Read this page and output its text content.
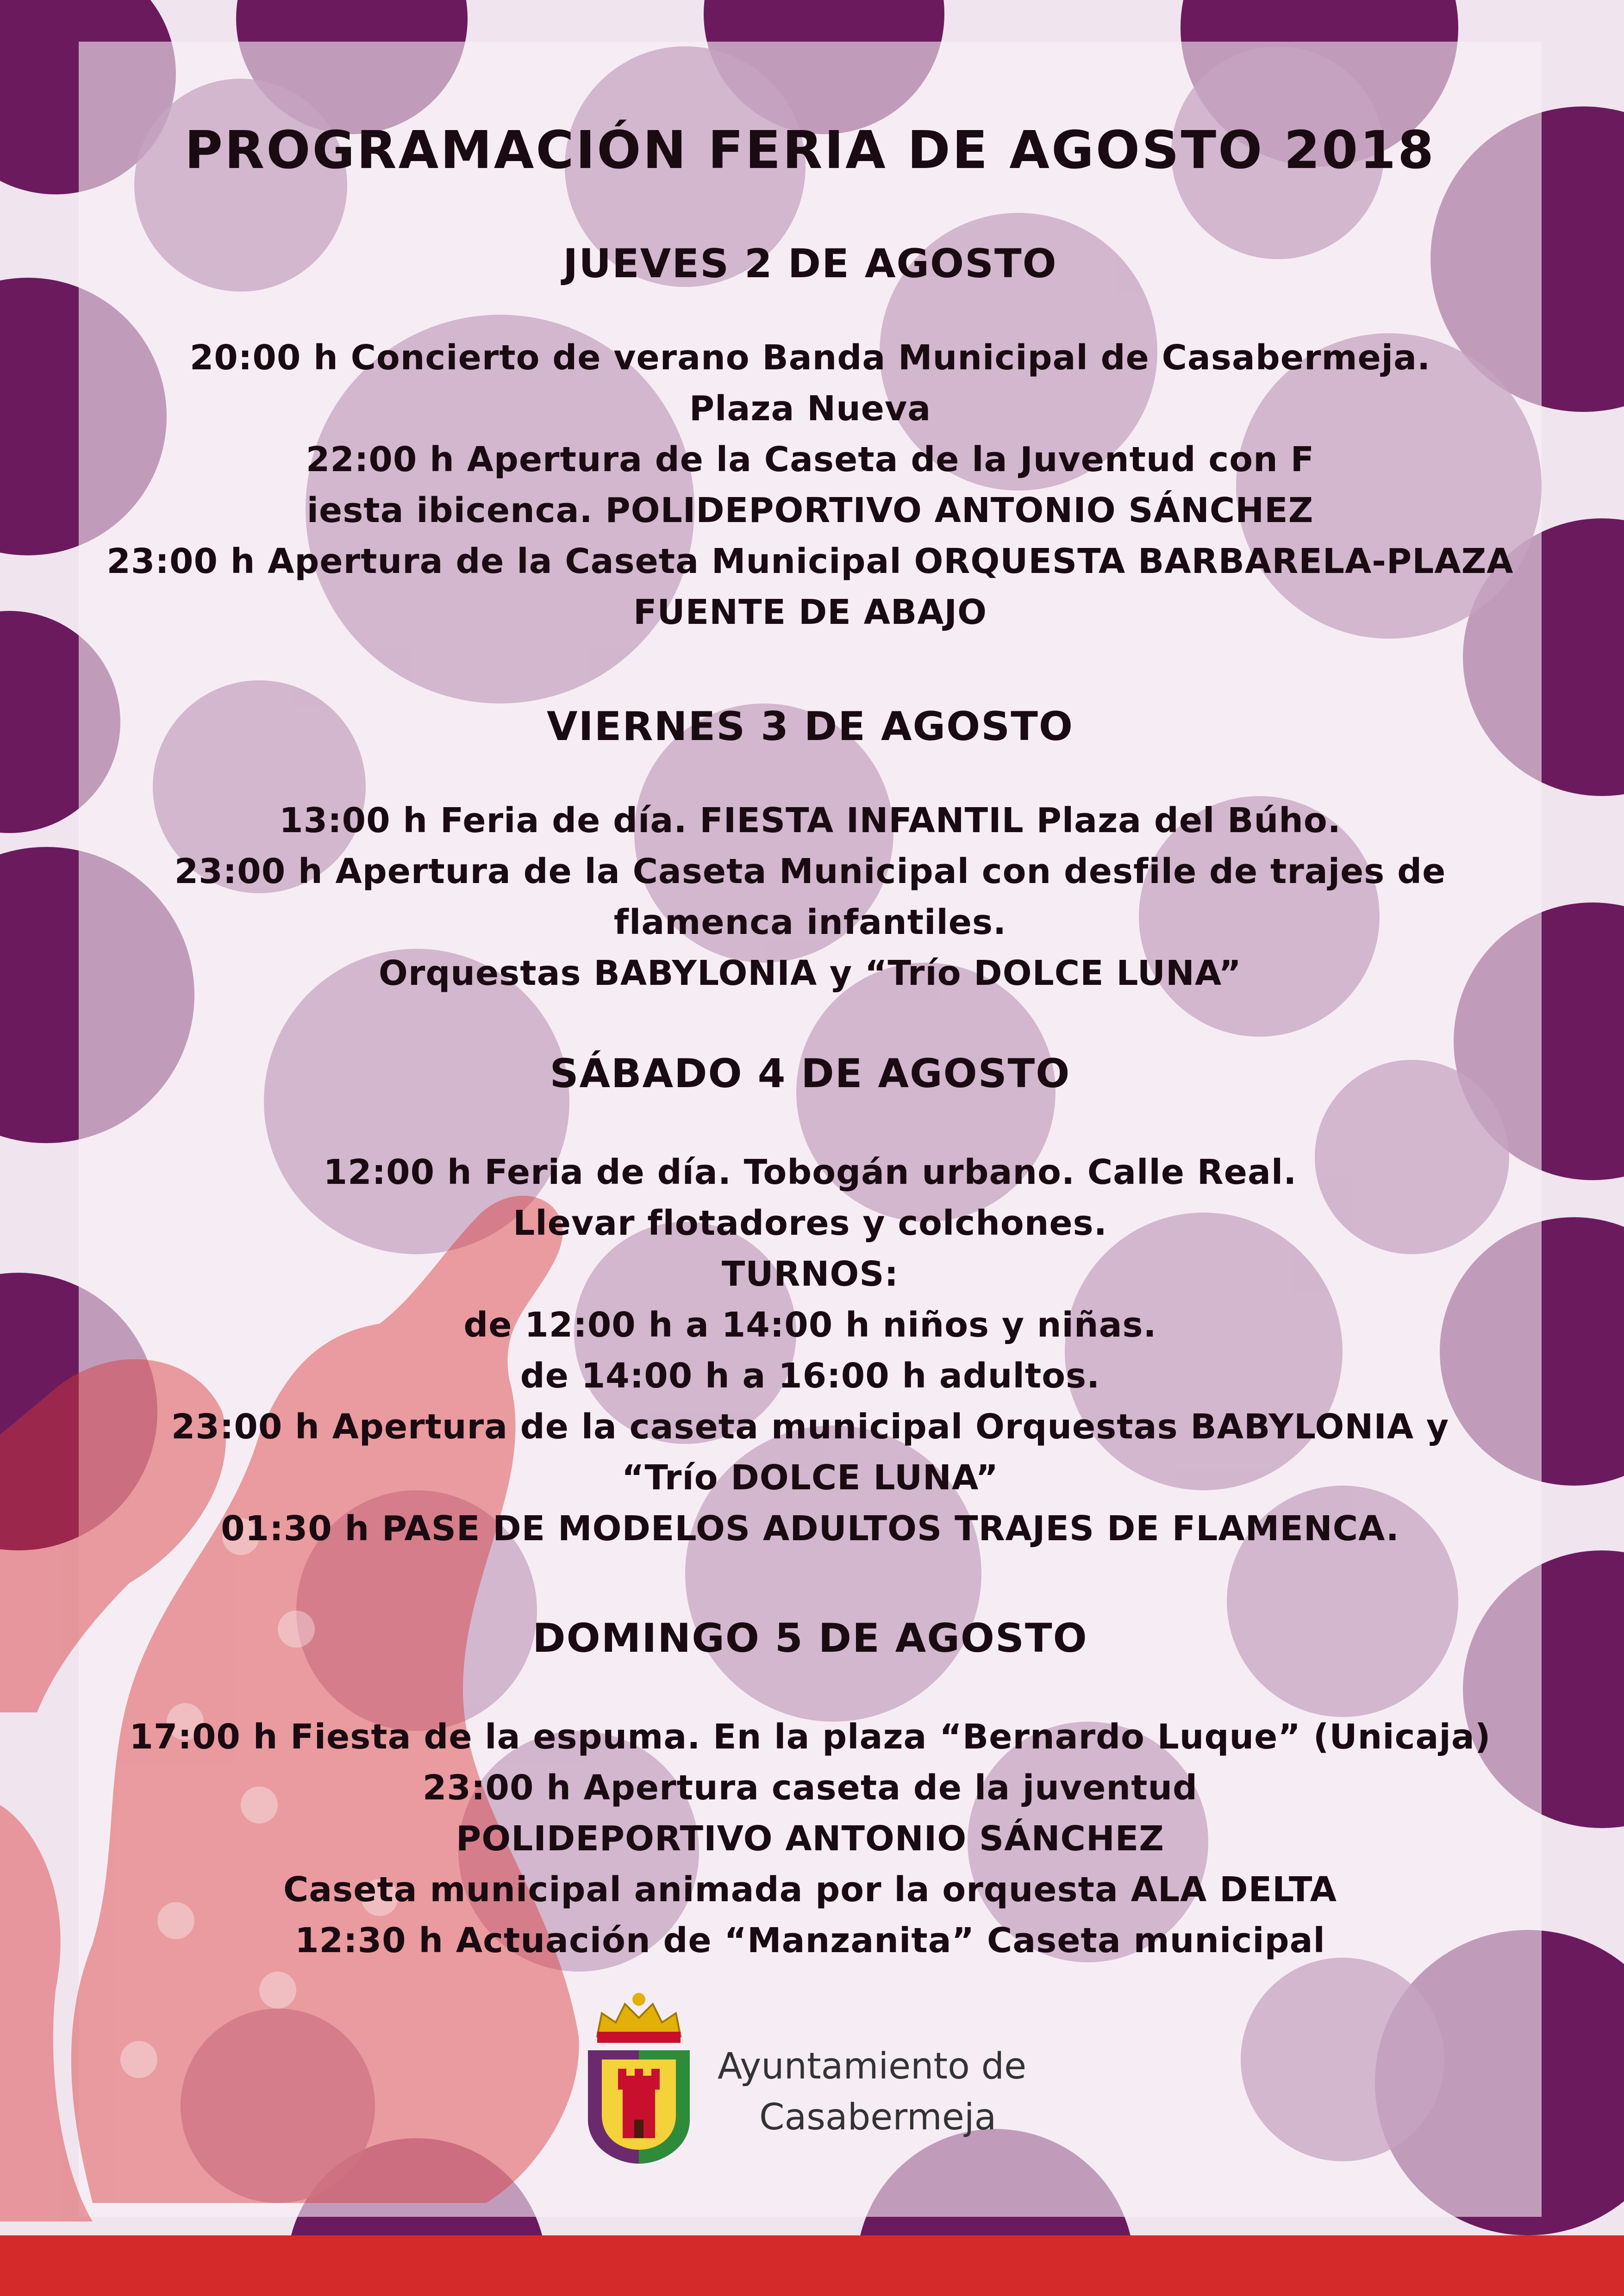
PROGRAMACIÓN FERIA DE AGOSTO 2018
JUEVES 2 DE AGOSTO
20:00 h Concierto de verano Banda Municipal de Casabermeja.
Plaza Nueva
22:00 h Apertura de la Caseta de la Juventud con F
iesta ibicenca. POLIDEPORTIVO ANTONIO SÁNCHEZ
23:00 h Apertura de la Caseta Municipal ORQUESTA BARBARELA-PLAZA
FUENTE DE ABAJO
VIERNES 3 DE AGOSTO
13:00 h Feria de día. FIESTA INFANTIL Plaza del Búho.
23:00 h Apertura de la Caseta Municipal con desfile de trajes de
flamenca infantiles.
Orquestas BABYLONIA y “Trío DOLCE LUNA”
SÁBADO 4 DE AGOSTO
12:00 h Feria de día. Tobogán urbano. Calle Real.
Llevar flotadores y colchones.
TURNOS:
de 12:00 h a 14:00 h niños y niñas.
de 14:00 h a 16:00 h adultos.
23:00 h Apertura de la caseta municipal Orquestas BABYLONIA y
“Trío DOLCE LUNA”
01:30 h PASE DE MODELOS ADULTOS TRAJES DE FLAMENCA.
DOMINGO 5 DE AGOSTO
17:00 h Fiesta de la espuma. En la plaza “Bernardo Luque” (Unicaja)
23:00 h Apertura caseta de la juventud
POLIDEPORTIVO ANTONIO SÁNCHEZ
Caseta municipal animada por la orquesta ALA DELTA
12:30 h Actuación de “Manzanita” Caseta municipal
Ayuntamiento de
Casabermeja
